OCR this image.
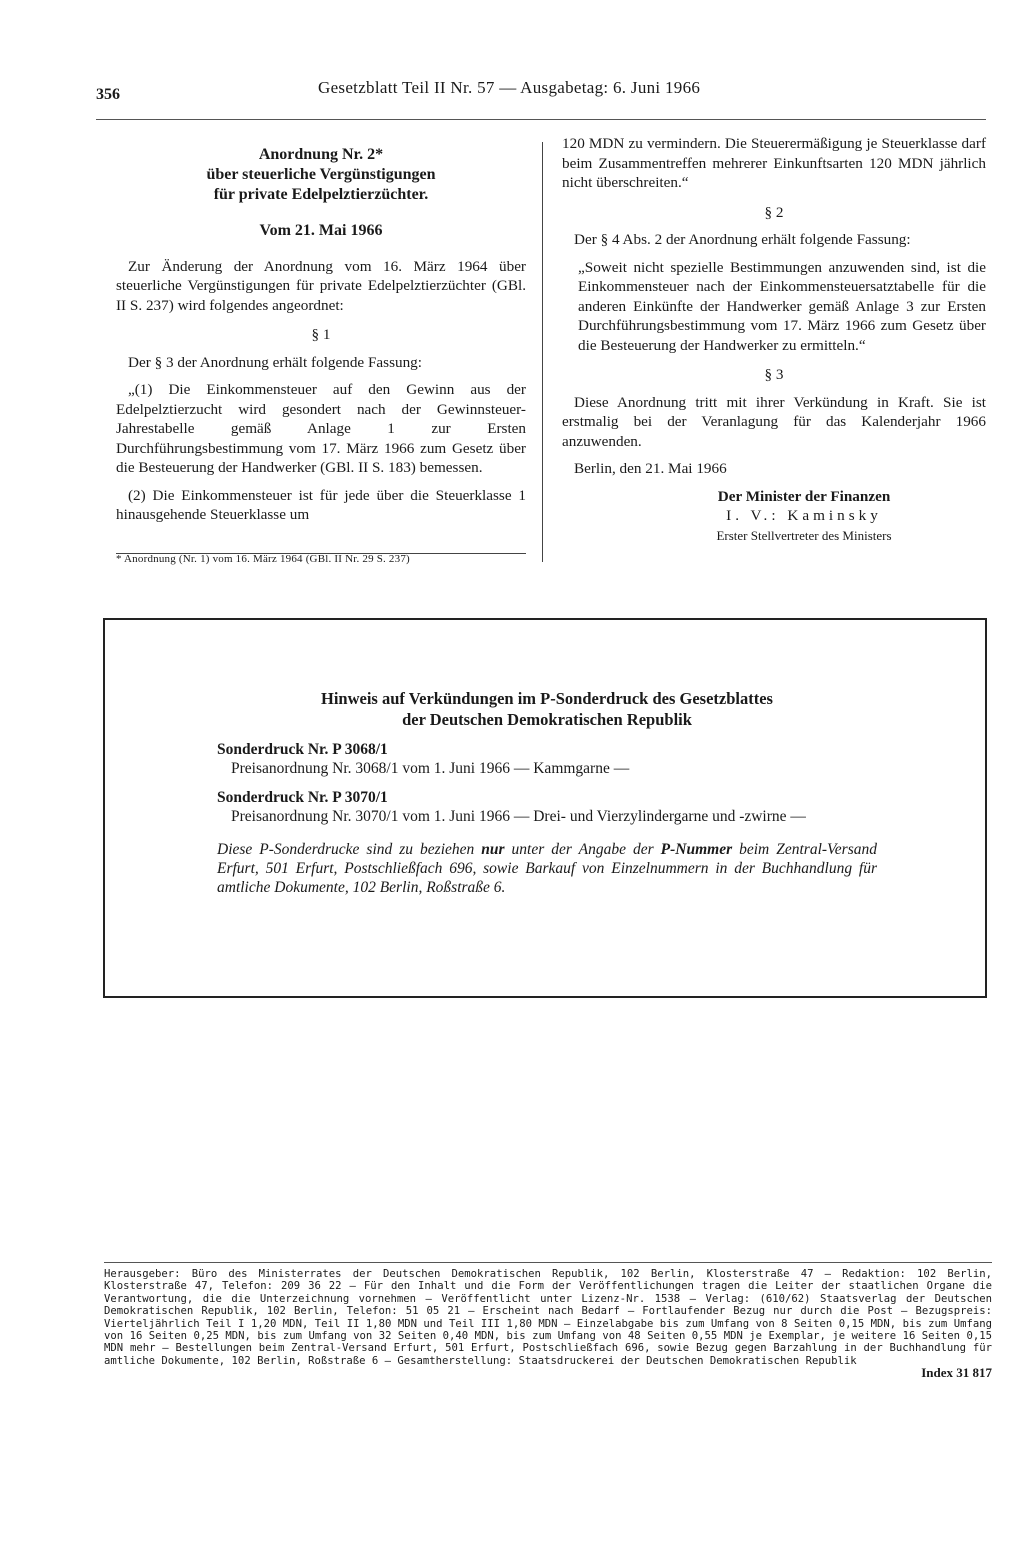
356	Gesetzblatt Teil II Nr. 57 — Ausgabetag: 6. Juni 1966
Anordnung Nr. 2*
über steuerliche Vergünstigungen
für private Edelpelztierzüchter.
Vom 21. Mai 1966

Zur Änderung der Anordnung vom 16. März 1964 über steuerliche Vergünstigungen für private Edelpelztierzüchter (GBl. II S. 237) wird folgendes angeordnet:

§ 1

Der § 3 der Anordnung erhält folgende Fassung:

„(1) Die Einkommensteuer auf den Gewinn aus der Edelpelztierzucht wird gesondert nach der Gewinnsteuer-Jahrestabelle gemäß Anlage 1 zur Ersten Durchführungsbestimmung vom 17. März 1966 zum Gesetz über die Besteuerung der Handwerker (GBl. II S. 183) bemessen.

(2) Die Einkommensteuer ist für jede über die Steuerklasse 1 hinausgehende Steuerklasse um

* Anordnung (Nr. 1) vom 16. März 1964 (GBl. II Nr. 29 S. 237)

120 MDN zu vermindern. Die Steuerermäßigung je Steuerklasse darf beim Zusammentreffen mehrerer Einkunftsarten 120 MDN jährlich nicht überschreiten.“

§ 2

Der § 4 Abs. 2 der Anordnung erhält folgende Fassung:

„Soweit nicht spezielle Bestimmungen anzuwenden sind, ist die Einkommensteuer nach der Einkommensteuersatztabelle für die anderen Einkünfte der Handwerker gemäß Anlage 3 zur Ersten Durchführungsbestimmung vom 17. März 1966 zum Gesetz über die Besteuerung der Handwerker zu ermitteln.“

§ 3

Diese Anordnung tritt mit ihrer Verkündung in Kraft. Sie ist erstmalig bei der Veranlagung für das Kalenderjahr 1966 anzuwenden.

Berlin, den 21. Mai 1966

Der Minister der Finanzen
I. V.: Kaminsky
Erster Stellvertreter des Ministers
Hinweis auf Verkündungen im P-Sonderdruck des Gesetzblattes
der Deutschen Demokratischen Republik
Sonderdruck Nr. P 3068/1
Preisanordnung Nr. 3068/1 vom 1. Juni 1966 — Kammgarne —
Sonderdruck Nr. P 3070/1
Preisanordnung Nr. 3070/1 vom 1. Juni 1966 — Drei- und Vierzylindergarne und -zwirne —

Diese P-Sonderdrucke sind zu beziehen nur unter der Angabe der P-Nummer beim Zentral-Versand Erfurt, 501 Erfurt, Postschließfach 696, sowie Barkauf von Einzelnummern in der Buchhandlung für amtliche Dokumente, 102 Berlin, Roßstraße 6.

Herausgeber: Büro des Ministerrates der Deutschen Demokratischen Republik, 102 Berlin, Klosterstraße 47 — Redaktion: 102 Berlin, Klosterstraße 47, Telefon: 209 36 22 — Für den Inhalt und die Form der Veröffentlichungen tragen die Leiter der staatlichen Organe die Verantwortung, die die Unterzeichnung vornehmen — Veröffentlicht unter Lizenz-Nr. 1538 — Verlag: (610/62) Staatsverlag der Deutschen Demokratischen Republik, 102 Berlin, Telefon: 51 05 21 — Erscheint nach Bedarf — Fortlaufender Bezug nur durch die Post — Bezugspreis: Vierteljährlich Teil I 1,20 MDN, Teil II 1,80 MDN und Teil III 1,80 MDN — Einzelabgabe bis zum Umfang von 8 Seiten 0,15 MDN, bis zum Umfang von 16 Seiten 0,25 MDN, bis zum Umfang von 32 Seiten 0,40 MDN, bis zum Umfang von 48 Seiten 0,55 MDN je Exemplar, je weitere 16 Seiten 0,15 MDN mehr — Bestellungen beim Zentral-Versand Erfurt, 501 Erfurt, Postschließfach 696, sowie Bezug gegen Barzahlung in der Buchhandlung für amtliche Dokumente, 102 Berlin, Roßstraße 6 — Gesamtherstellung: Staatsdruckerei der Deutschen Demokratischen Republik
Index 31 817
